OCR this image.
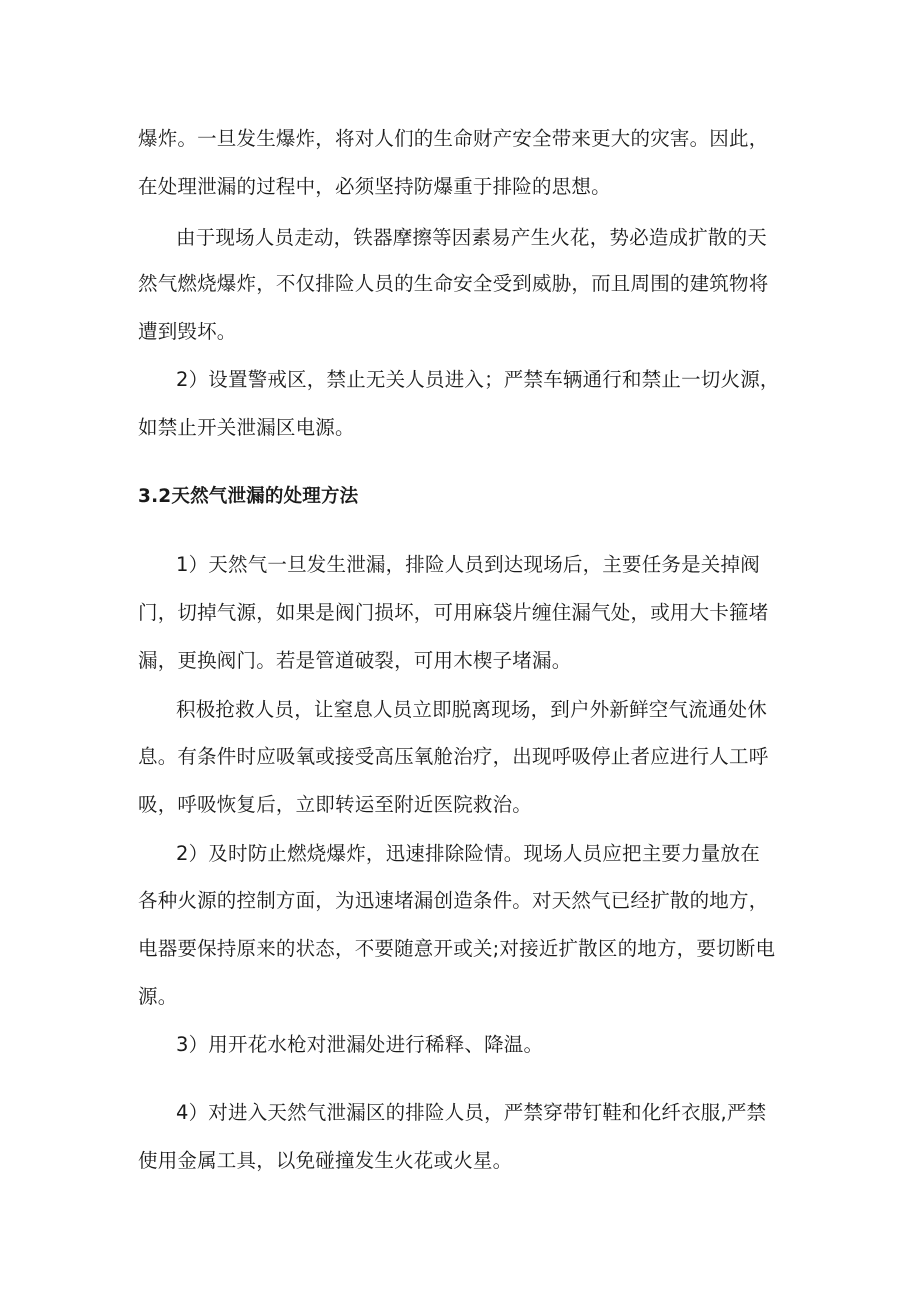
爆炸。一旦发生爆炸，将对人们的生命财产安全带来更大的灾害。因此，
在处理泄漏的过程中，必须坚持防爆重于排险的思想。
由于现场人员走动，铁器摩擦等因素易产生火花，势必造成扩散的天
然气燃烧爆炸，不仅排险人员的生命安全受到威胁，而且周围的建筑物将
遭到毁坏。
2）设置警戒区，禁止无关人员进入；严禁车辆通行和禁止一切火源，
如禁止开关泄漏区电源。
3.2天然气泄漏的处理方法
1）天然气一旦发生泄漏，排险人员到达现场后，主要任务是关掉阀
门，切掉气源，如果是阀门损坏，可用麻袋片缠住漏气处，或用大卡箍堵
漏，更换阀门。若是管道破裂，可用木楔子堵漏。
积极抢救人员，让窒息人员立即脱离现场，到户外新鲜空气流通处休
息。有条件时应吸氧或接受高压氧舱治疗，出现呼吸停止者应进行人工呼
吸，呼吸恢复后，立即转运至附近医院救治。
2）及时防止燃烧爆炸，迅速排除险情。现场人员应把主要力量放在
各种火源的控制方面，为迅速堵漏创造条件。对天然气已经扩散的地方，
电器要保持原来的状态，不要随意开或关;对接近扩散区的地方，要切断电
源。
3）用开花水枪对泄漏处进行稀释、降温。
4）对进入天然气泄漏区的排险人员，严禁穿带钉鞋和化纤衣服,严禁
使用金属工具，以免碰撞发生火花或火星。
